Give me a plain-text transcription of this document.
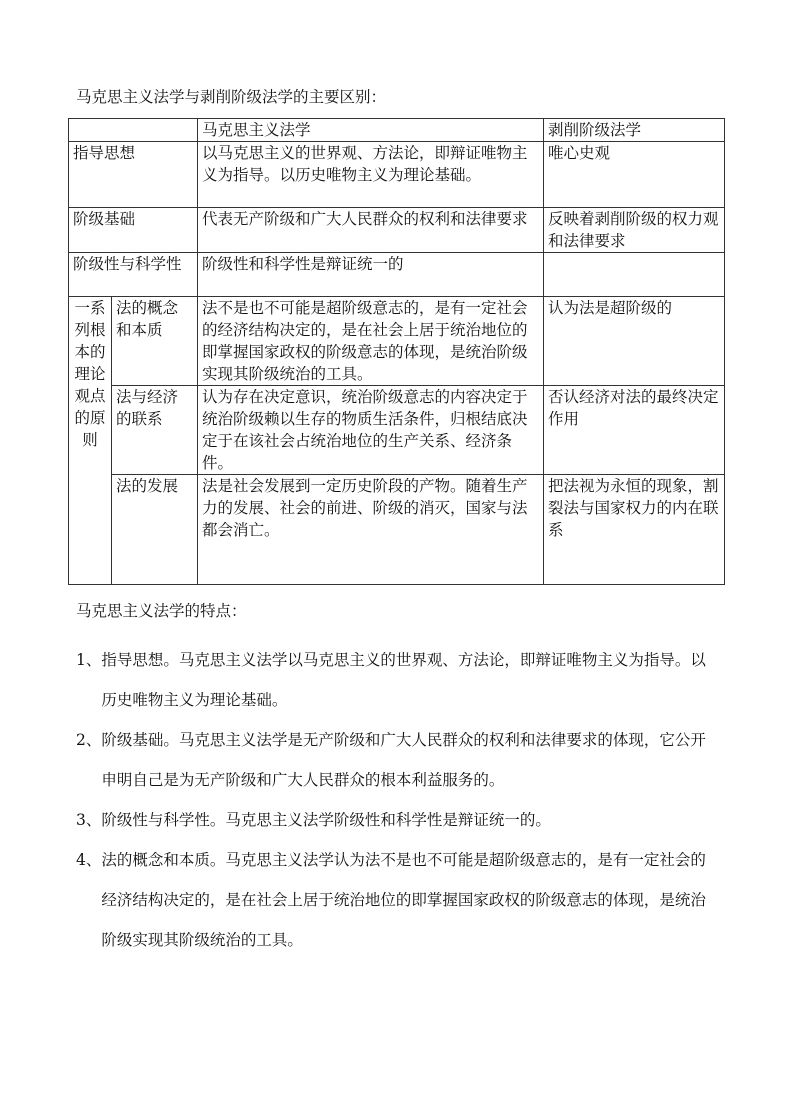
马克思主义法学与剥削阶级法学的主要区别：
		马克思主义法学	剥削阶级法学
指导思想		以马克思主义的世界观、方法论，即辩证唯物主义为指导。以历史唯物主义为理论基础。	唯心史观
阶级基础		代表无产阶级和广大人民群众的权利和法律要求	反映着剥削阶级的权力观和法律要求
阶级性与科学性		阶级性和科学性是辩证统一的	
一系列根本的理论观点的原则	法的概念和本质	法不是也不可能是超阶级意志的，是有一定社会的经济结构决定的，是在社会上居于统治地位的即掌握国家政权的阶级意志的体现，是统治阶级实现其阶级统治的工具。	认为法是超阶级的
	法与经济的联系	认为存在决定意识，统治阶级意志的内容决定于统治阶级赖以生存的物质生活条件，归根结底决定于在该社会占统治地位的生产关系、经济条件。	否认经济对法的最终决定作用
	法的发展	法是社会发展到一定历史阶段的产物。随着生产力的发展、社会的前进、阶级的消灭，国家与法都会消亡。	把法视为永恒的现象，割裂法与国家权力的内在联系
马克思主义法学的特点：
1、 指导思想。马克思主义法学以马克思主义的世界观、方法论，即辩证唯物主义为指导。以历史唯物主义为理论基础。
2、 阶级基础。马克思主义法学是无产阶级和广大人民群众的权利和法律要求的体现，它公开申明自己是为无产阶级和广大人民群众的根本利益服务的。
3、 阶级性与科学性。马克思主义法学阶级性和科学性是辩证统一的。
4、 法的概念和本质。马克思主义法学认为法不是也不可能是超阶级意志的，是有一定社会的经济结构决定的，是在社会上居于统治地位的即掌握国家政权的阶级意志的体现，是统治阶级实现其阶级统治的工具。
